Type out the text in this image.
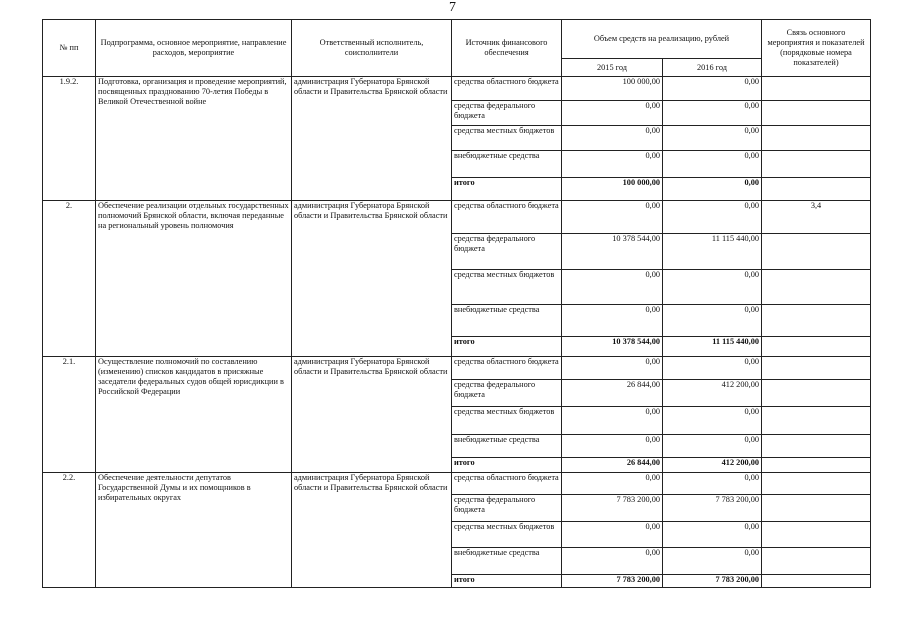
7
№ пп	Подпрограмма, основное мероприятие, направление расходов, мероприятие	Ответственный исполнитель, соисполнители	Источник финансового обеспечения	Объем средств на реализацию, рублей		Связь основного мероприятия и показателей (порядковые номера показателей)
				2015 год	2016 год	
1.9.2.	Подготовка, организация и проведение мероприятий, посвященных празднованию 70-летия Победы в Великой Отечественной войне	администрация Губернатора Брянской области и Правительства Брянской области	средства областного бюджета	100 000,00	0,00	
			средства федерального бюджета	0,00	0,00	
			средства местных бюджетов	0,00	0,00	
			внебюджетные средства	0,00	0,00	
			итого	100 000,00	0,00	
2.	Обеспечение реализации отдельных государственных полномочий Брянской области, включая переданные на региональный уровень полномочия	администрация Губернатора Брянской области и Правительства Брянской области	средства областного бюджета	0,00	0,00	3,4
			средства федерального бюджета	10 378 544,00	11 115 440,00	
			средства местных бюджетов	0,00	0,00	
			внебюджетные средства	0,00	0,00	
			итого	10 378 544,00	11 115 440,00	
2.1.	Осуществление полномочий по составлению (изменению) списков кандидатов в присяжные заседатели федеральных судов общей юрисдикции в Российской Федерации	администрация Губернатора Брянской области и Правительства Брянской области	средства областного бюджета	0,00	0,00	
			средства федерального бюджета	26 844,00	412 200,00	
			средства местных бюджетов	0,00	0,00	
			внебюджетные средства	0,00	0,00	
			итого	26 844,00	412 200,00	
2.2.	Обеспечение деятельности депутатов Государственной Думы и их помощников в избирательных округах	администрация Губернатора Брянской области и Правительства Брянской области	средства областного бюджета	0,00	0,00	
			средства федерального бюджета	7 783 200,00	7 783 200,00	
			средства местных бюджетов	0,00	0,00	
			внебюджетные средства	0,00	0,00	
			итого	7 783 200,00	7 783 200,00	
